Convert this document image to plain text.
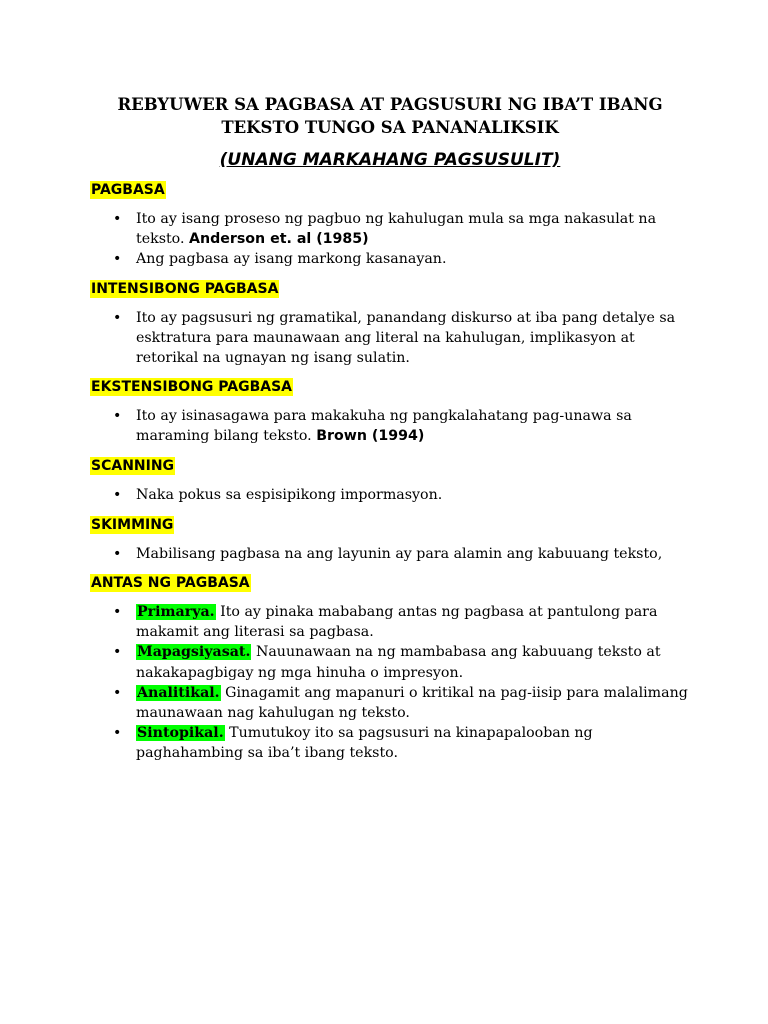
REBYUWER SA PAGBASA AT PAGSUSURI NG IBA’T IBANG
TEKSTO TUNGO SA PANANALIKSIK

(UNANG MARKAHANG PAGSUSULIT)

PAGBASA

• Ito ay isang proseso ng pagbuo ng kahulugan mula sa mga nakasulat na teksto. Anderson et. al (1985)
• Ang pagbasa ay isang markong kasanayan.

INTENSIBONG PAGBASA

• Ito ay pagsusuri ng gramatikal, panandang diskurso at iba pang detalye sa esktratura para maunawaan ang literal na kahulugan, implikasyon at retorikal na ugnayan ng isang sulatin.

EKSTENSIBONG PAGBASA

• Ito ay isinasagawa para makakuha ng pangkalahatang pag-unawa sa maraming bilang teksto. Brown (1994)

SCANNING

• Naka pokus sa espisipikong impormasyon.

SKIMMING

• Mabilisang pagbasa na ang layunin ay para alamin ang kabuuang teksto,

ANTAS NG PAGBASA

• Primarya. Ito ay pinaka mababang antas ng pagbasa at pantulong para makamit ang literasi sa pagbasa.
• Mapagsiyasat. Nauunawaan na ng mambabasa ang kabuuang teksto at nakakapagbigay ng mga hinuha o impresyon.
• Analitikal. Ginagamit ang mapanuri o kritikal na pag-iisip para malalimang maunawaan nag kahulugan ng teksto.
• Sintopikal. Tumutukoy ito sa pagsusuri na kinapapalooban ng paghahambing sa iba’t ibang teksto.
